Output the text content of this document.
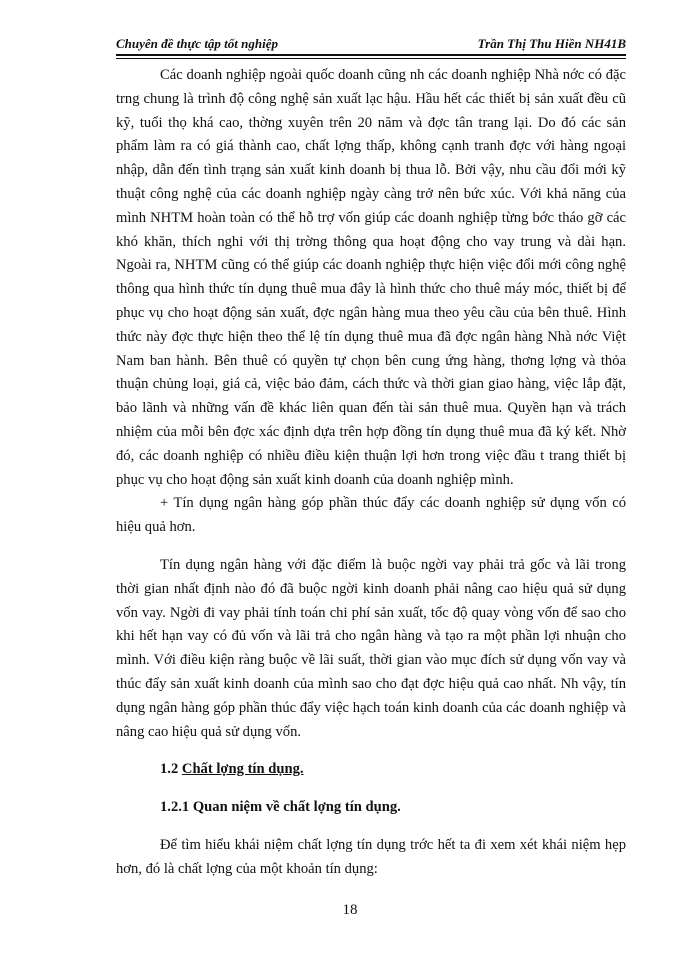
Chuyên đề thực tập tốt nghiệp	Trần Thị Thu Hiền NH41B

Các doanh nghiệp ngoài quốc doanh cũng nh các doanh nghiệp Nhà nớc có đặc trng chung là trình độ công nghệ sản xuất lạc hậu. Hầu hết các thiết bị sản xuất đều cũ kỹ, tuổi thọ khá cao, thờng xuyên trên 20 năm và đợc tân trang lại. Do đó các sản phẩm làm ra có giá thành cao, chất lợng thấp, không cạnh tranh đợc với hàng ngoại nhập, dẫn đến tình trạng sản xuất kinh doanh bị thua lỗ. Bởi vậy, nhu cầu đổi mới kỹ thuật công nghệ của các doanh nghiệp ngày càng trở nên bức xúc. Với khả năng của mình NHTM hoàn toàn có thể hỗ trợ vốn giúp các doanh nghiệp từng bớc tháo gỡ các khó khăn, thích nghi với thị trờng thông qua hoạt động cho vay trung và dài hạn. Ngoài ra, NHTM cũng có thể giúp các doanh nghiệp thực hiện việc đổi mới công nghệ thông qua hình thức tín dụng thuê mua đây là hình thức cho thuê máy móc, thiết bị để phục vụ cho hoạt động sản xuất, đợc ngân hàng mua theo yêu cầu của bên thuê. Hình thức này đợc thực hiện theo thể lệ tín dụng thuê mua đã đợc ngân hàng Nhà nớc Việt Nam ban hành. Bên thuê có quyền tự chọn bên cung ứng hàng, thơng lợng và thỏa thuận chủng loại, giá cả, việc bảo đảm, cách thức và thời gian giao hàng, việc lắp đặt, bảo lãnh và những vấn đề khác liên quan đến tài sản thuê mua. Quyền hạn và trách nhiệm của mỗi bên đợc xác định dựa trên hợp đồng tín dụng thuê mua đã ký kết. Nhờ đó, các doanh nghiệp có nhiều điều kiện thuận lợi hơn trong việc đầu t trang thiết bị phục vụ cho hoạt động sản xuất kinh doanh của doanh nghiệp mình.

+ Tín dụng ngân hàng góp phần thúc đẩy các doanh nghiệp sử dụng vốn có hiệu quả hơn.

Tín dụng ngân hàng với đặc điểm là buộc ngời vay phải trả gốc và lãi trong thời gian nhất định nào đó đã buộc ngời kinh doanh phải nâng cao hiệu quả sử dụng vốn vay. Ngời đi vay phải tính toán chi phí sản xuất, tốc độ quay vòng vốn để sao cho khi hết hạn vay có đủ vốn và lãi trả cho ngân hàng và tạo ra một phần lợi nhuận cho mình. Với điều kiện ràng buộc về lãi suất, thời gian vào mục đích sử dụng vốn vay và thúc đẩy sản xuất kinh doanh của mình sao cho đạt đợc hiệu quả cao nhất. Nh vậy, tín dụng ngân hàng góp phần thúc đẩy việc hạch toán kinh doanh của các doanh nghiệp và nâng cao hiệu quả sử dụng vốn.

1.2 Chất lợng tín dụng.

1.2.1 Quan niệm về chất lợng tín dụng.

Để tìm hiểu khái niệm chất lợng tín dụng trớc hết ta đi xem xét khái niệm hẹp hơn, đó là chất lợng của một khoản tín dụng:

18
